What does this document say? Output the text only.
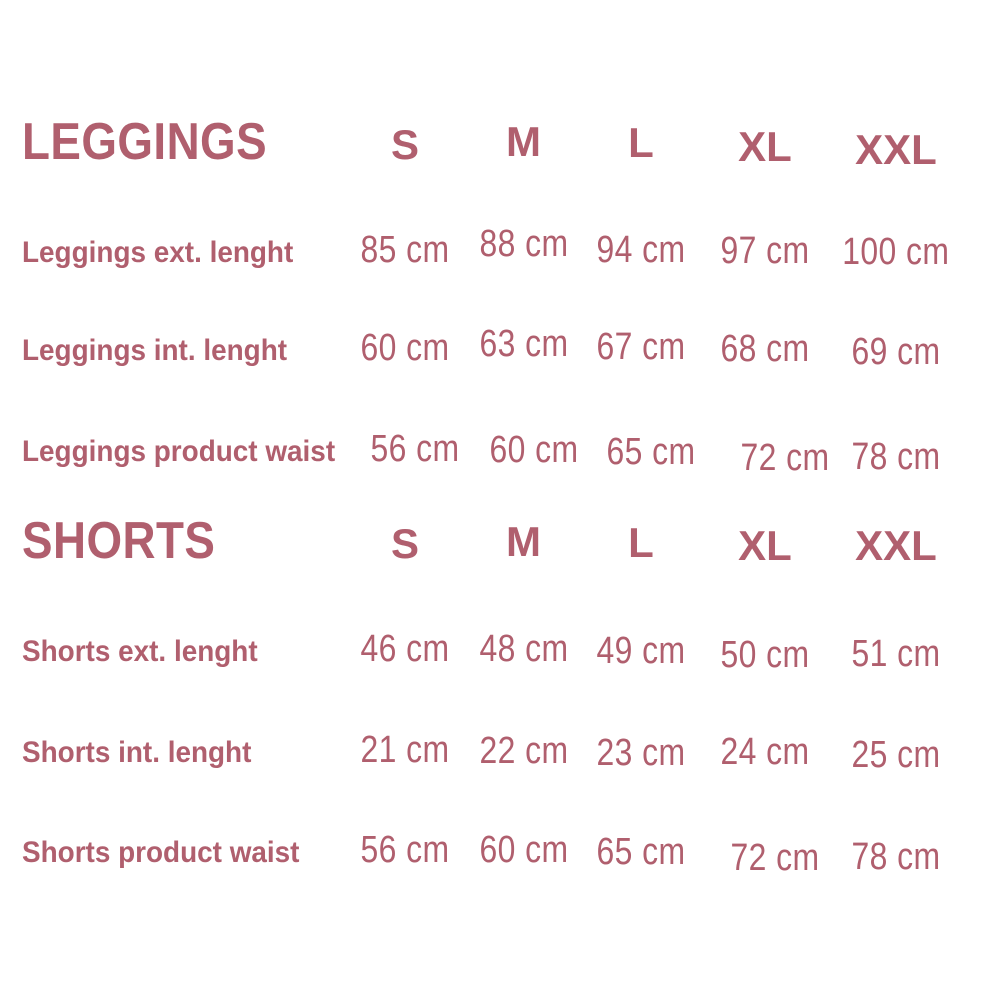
LEGGINGS	S	M	L	XL	XXL
Leggings ext. lenght	85 cm 88 cm 94 cm 97 cm 100 cm
Leggings int. lenght	60 cm 63 cm 67 cm 68 cm	69 cm
Leggings product waist 56 cm 60 cm 65 cm	72 cm 78 cm
SHORTS	S	M	L	XL	XXL
Shorts ext. lenght	46 cm 48 cm 49 cm 50 cm	51 cm
Shorts int. lenght	21 cm 22 cm 23 cm 24 cm	25 cm
Shorts product waist	56 cm 60 cm 65 cm	72 cm 78 cm
